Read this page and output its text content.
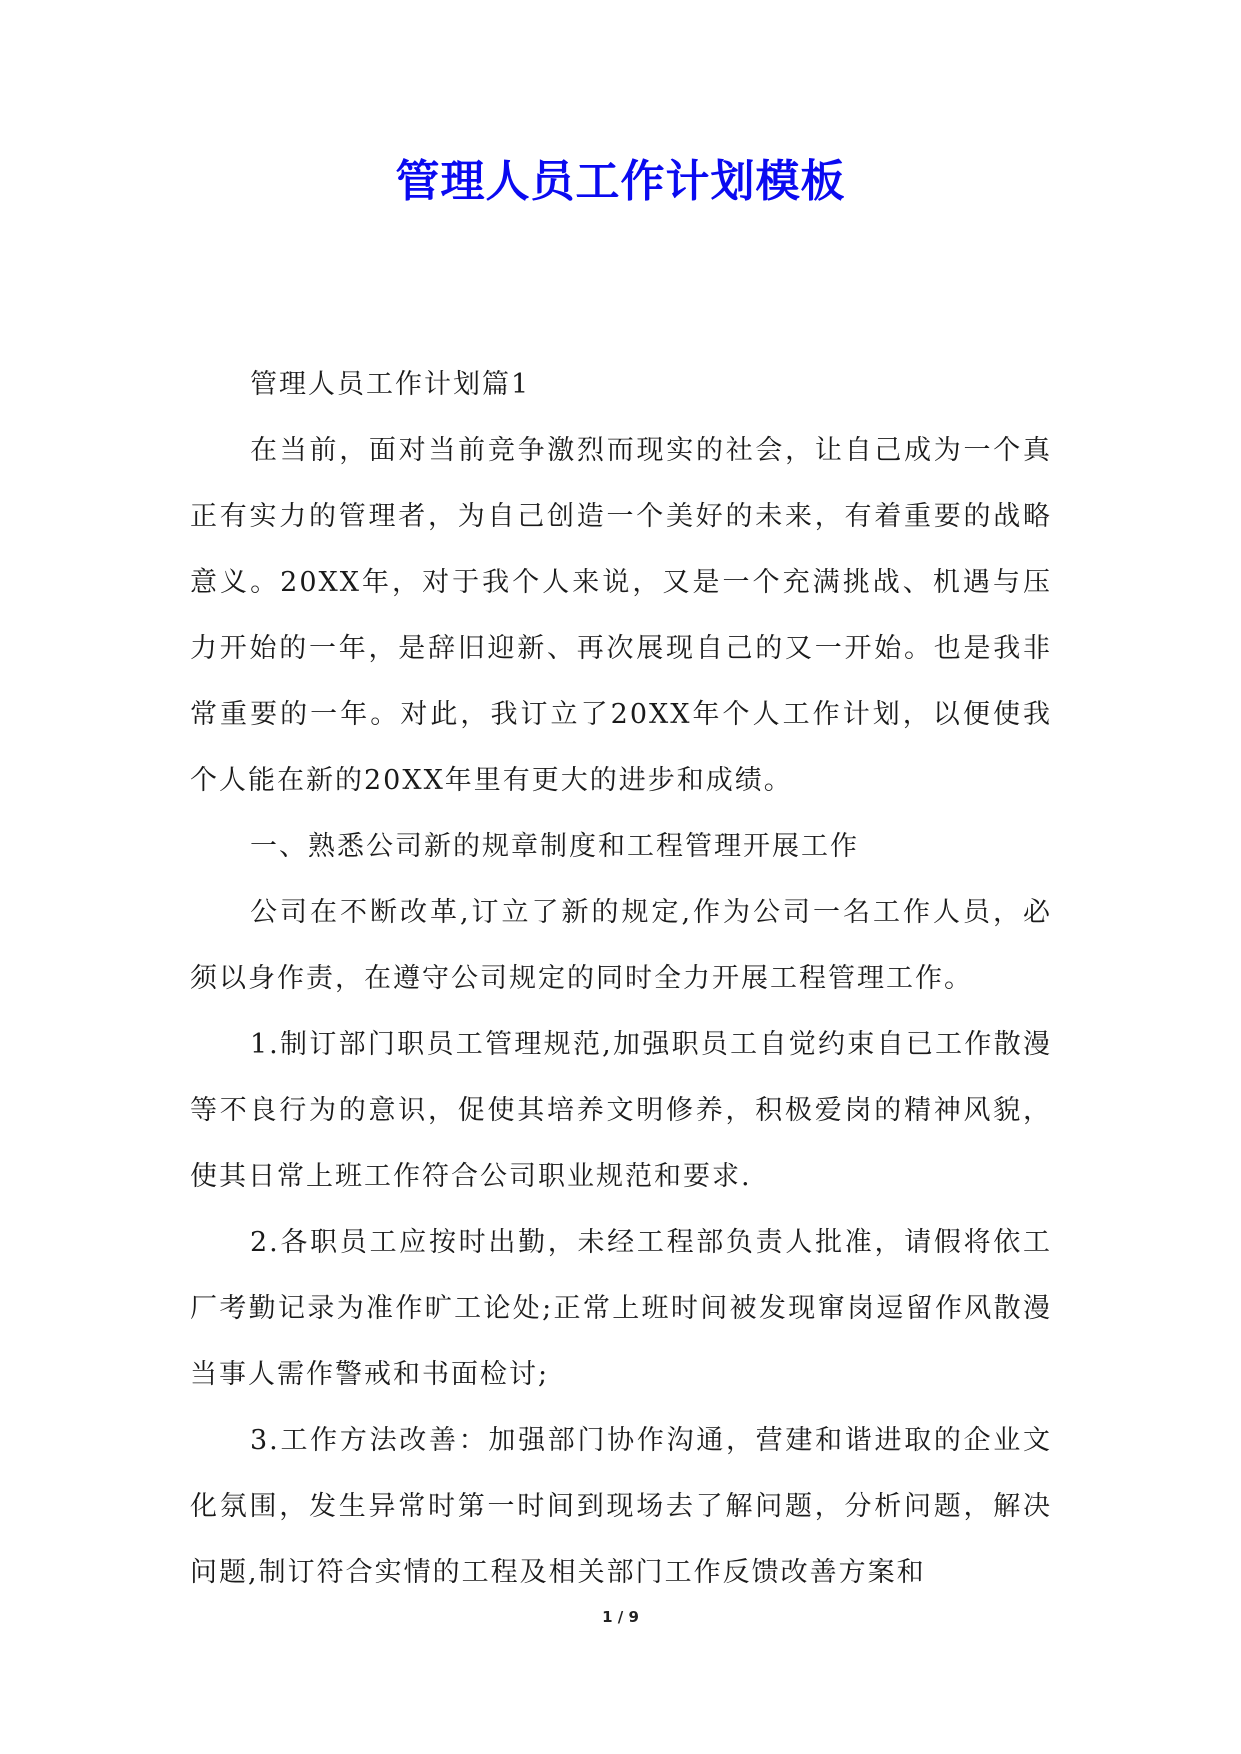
管理人员工作计划模板

管理人员工作计划篇1

在当前，面对当前竞争激烈而现实的社会，让自己成为一个真正有实力的管理者，为自己创造一个美好的未来，有着重要的战略意义。20XX年，对于我个人来说，又是一个充满挑战、机遇与压力开始的一年，是辞旧迎新、再次展现自己的又一开始。也是我非常重要的一年。对此，我订立了20XX年个人工作计划，以便使我个人能在新的20XX年里有更大的进步和成绩。

一、熟悉公司新的规章制度和工程管理开展工作

公司在不断改革,订立了新的规定,作为公司一名工作人员，必须以身作责，在遵守公司规定的同时全力开展工程管理工作。

1.制订部门职员工管理规范,加强职员工自觉约束自已工作散漫等不良行为的意识，促使其培养文明修养，积极爱岗的精神风貌，使其日常上班工作符合公司职业规范和要求.

2.各职员工应按时出勤，未经工程部负责人批准，请假将依工厂考勤记录为准作旷工论处;正常上班时间被发现窜岗逗留作风散漫当事人需作警戒和书面检讨;

3.工作方法改善：加强部门协作沟通，营建和谐进取的企业文化氛围，发生异常时第一时间到现场去了解问题，分析问题，解决问题,制订符合实情的工程及相关部门工作反馈改善方案和

1 / 9
